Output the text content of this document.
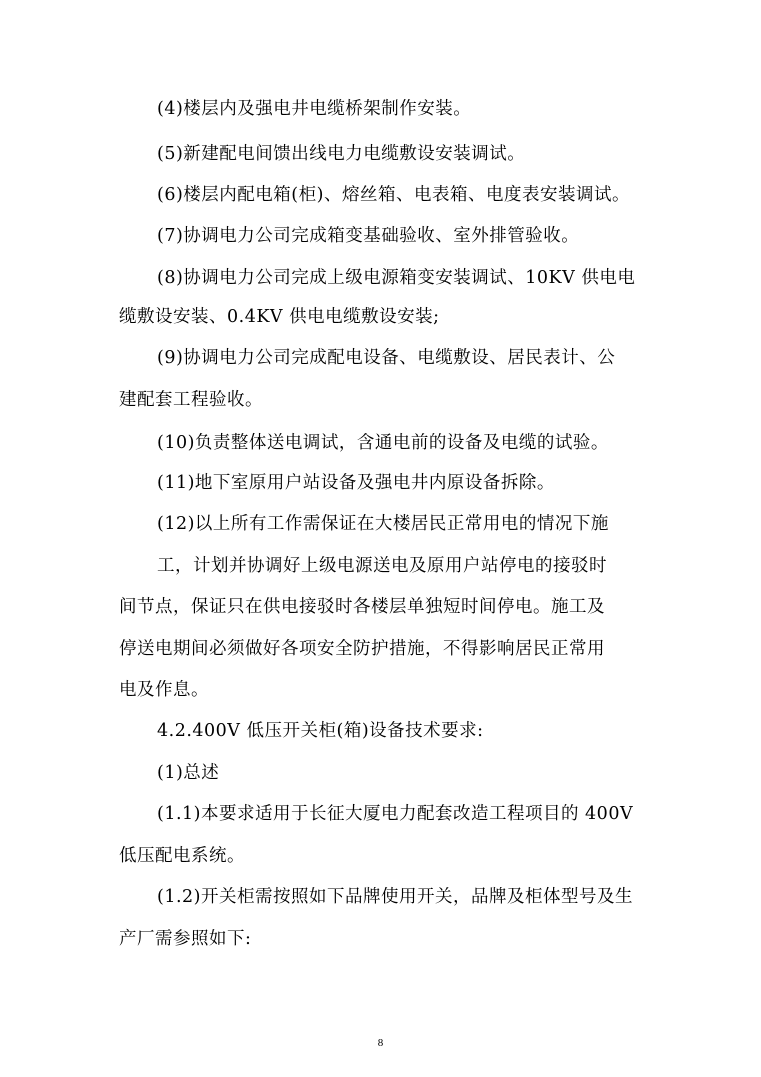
(4)楼层内及强电井电缆桥架制作安装。
(5)新建配电间馈出线电力电缆敷设安装调试。
(6)楼层内配电箱(柜)、熔丝箱、电表箱、电度表安装调试。
(7)协调电力公司完成箱变基础验收、室外排管验收。
(8)协调电力公司完成上级电源箱变安装调试、10KV 供电电
缆敷设安装、0.4KV 供电电缆敷设安装;
(9)协调电力公司完成配电设备、电缆敷设、居民表计、公
建配套工程验收。
(10)负责整体送电调试，含通电前的设备及电缆的试验。
(11)地下室原用户站设备及强电井内原设备拆除。
(12)以上所有工作需保证在大楼居民正常用电的情况下施
工，计划并协调好上级电源送电及原用户站停电的接驳时
间节点，保证只在供电接驳时各楼层单独短时间停电。施工及
停送电期间必须做好各项安全防护措施，不得影响居民正常用
电及作息。
4.2.400V 低压开关柜(箱)设备技术要求:
(1)总述
(1.1)本要求适用于长征大厦电力配套改造工程项目的 400V
低压配电系统。
(1.2)开关柜需按照如下品牌使用开关，品牌及柜体型号及生
产厂需参照如下:
8
